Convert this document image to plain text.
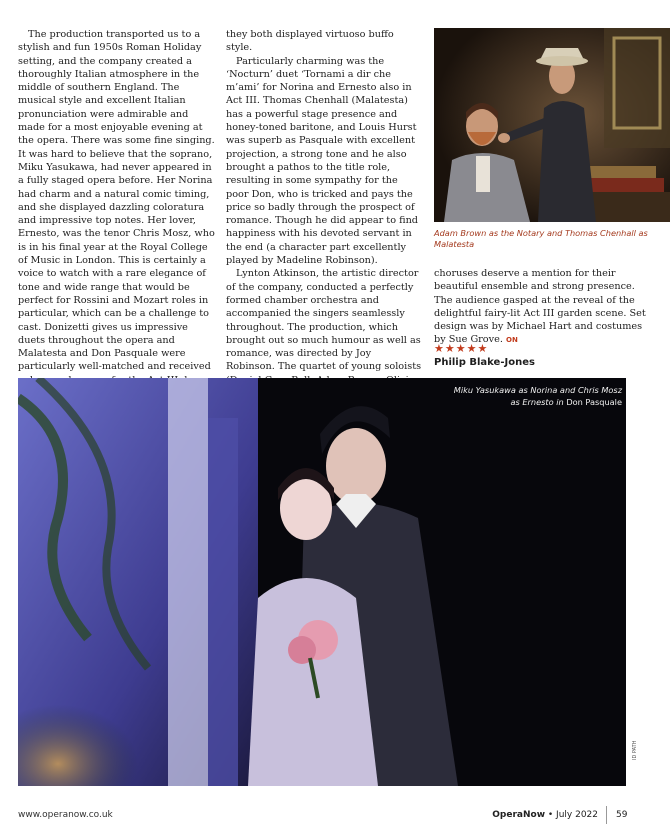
The production transported us to a stylish and fun 1950s Roman Holiday setting, and the company created a thoroughly Italian atmosphere in the middle of southern England. The musical style and excellent Italian pronunciation were admirable and made for a most enjoyable evening at the opera. There was some fine singing. It was hard to believe that the soprano, Miku Yasukawa, had never appeared in a fully staged opera before. Her Norina had charm and a natural comic timing, and she displayed dazzling coloratura and impressive top notes. Her lover, Ernesto, was the tenor Chris Mosz, who is in his final year at the Royal College of Music in London. This is certainly a voice to watch with a rare elegance of tone and wide range that would be perfect for Rossini and Mozart roles in particular, which can be a challenge to cast. Donizetti gives us impressive duets throughout the opera and Malatesta and Don Pasquale were particularly well-matched and received

they both displayed virtuoso buffo style.

Particularly charming was the ‘Nocturn’ duet ‘Tornami a dir che m’ami’ for Norina and Ernesto also in Act III. Thomas Chenhall (Malatesta) has a powerful stage presence and honey-toned baritone, and Louis Hurst was superb as Pasquale with excellent projection, a strong tone and he also brought a pathos to the title role, resulting in some sympathy for the poor Don, who is tricked and pays the price so badly through the prospect of romance. Though he did appear to find happiness with his devoted servant in the end (a character part excellently played by Madeline Robinson).

Lynton Atkinson, the artistic director of the company, conducted a perfectly formed chamber orchestra and accompanied the singers seamlessly throughout. The production, which brought out so much humour as well as romance, was directed by Joy Robinson. The quartet of young soloists

Adam Brown as the Notary and Thomas Chenhall as Malatesta

choruses deserve a mention for their beautiful ensemble and strong presence. The audience gasped at the reveal of the delightful fairy-lit Act III garden scene. Set design was by Michael Hart and costumes by Sue Grove. ON

★★★★★
Philip Blake-Jones
Miku Yasukawa as Norina and Chris Mosz
as Ernesto in Don Pasquale
ID PATH
www.operanow.co.uk	OperaNow • July 2022 59
